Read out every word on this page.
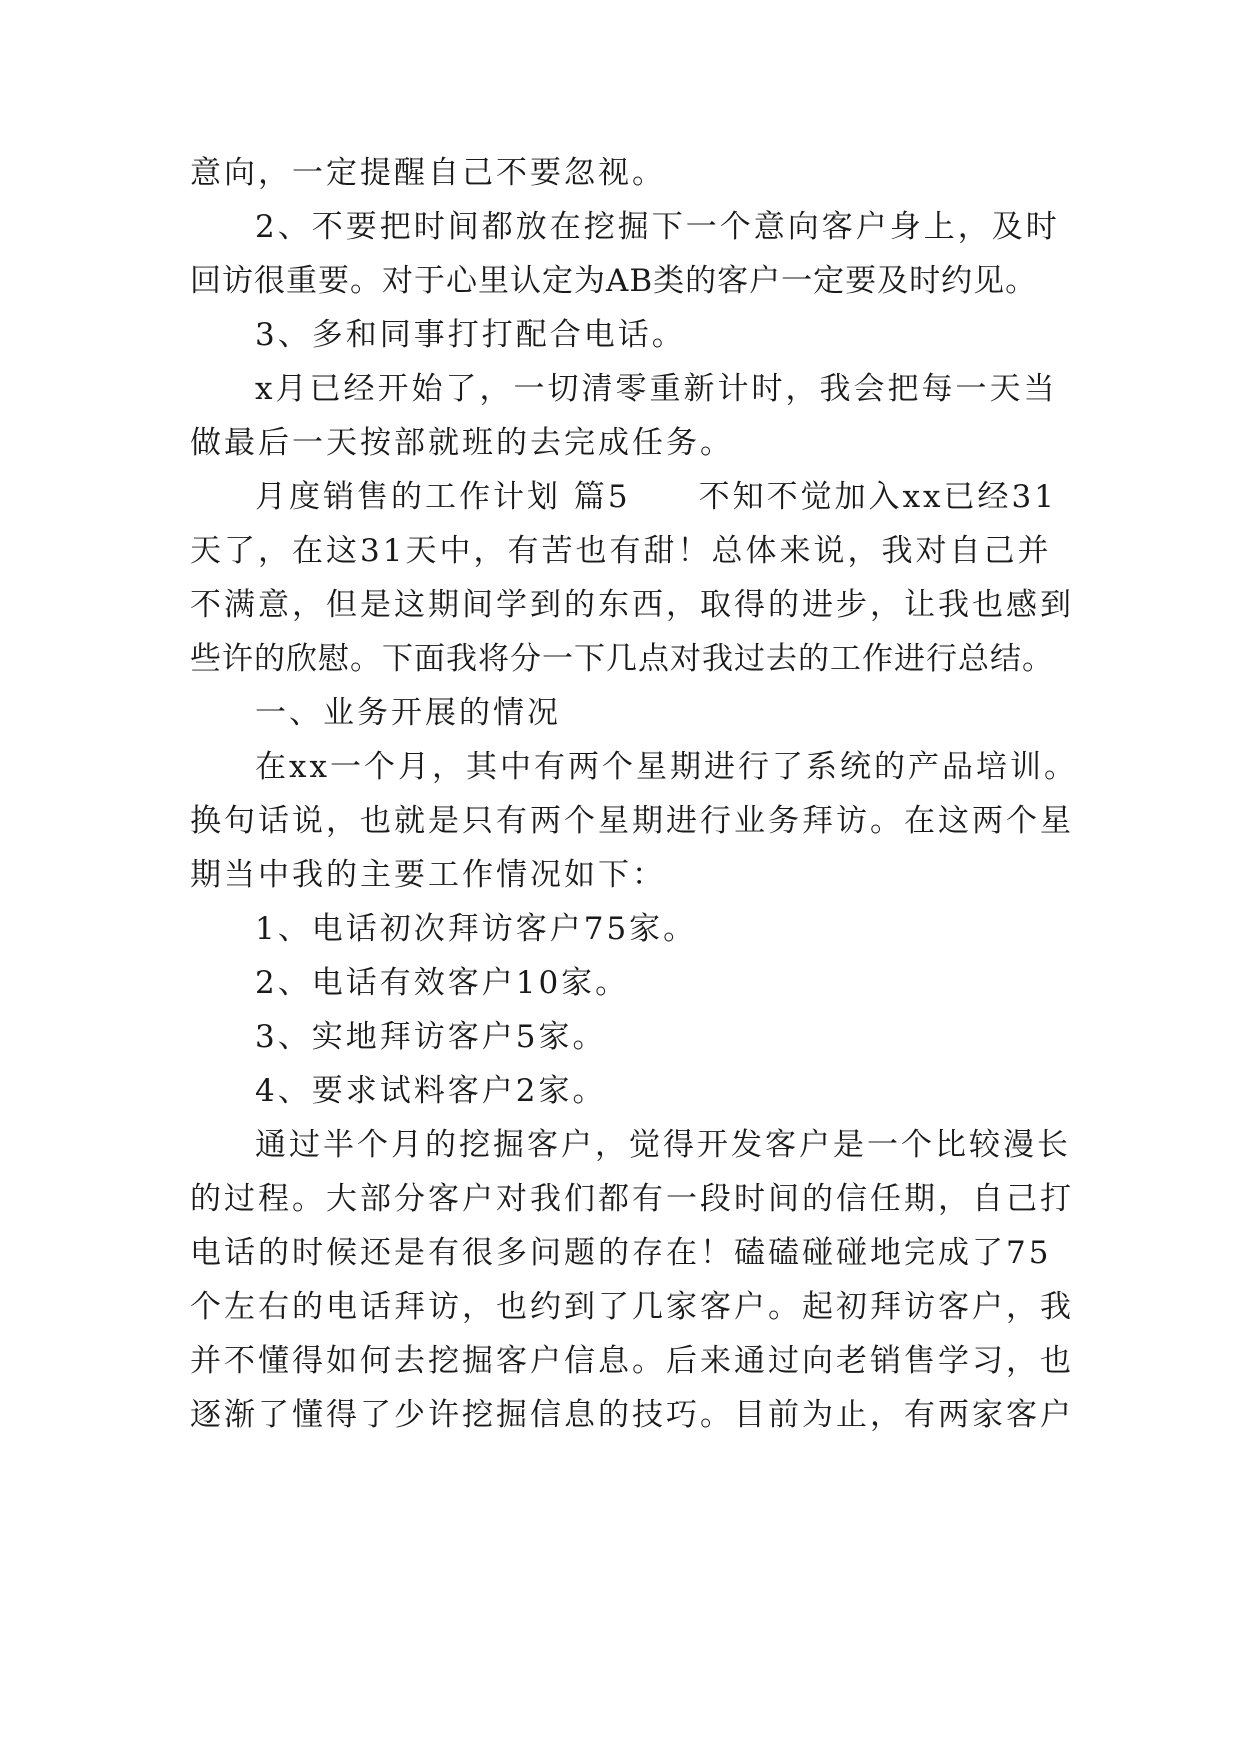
意向，一定提醒自己不要忽视。
2、不要把时间都放在挖掘下一个意向客户身上，及时
回访很重要。对于心里认定为AB类的客户一定要及时约见。
3、多和同事打打配合电话。
x月已经开始了，一切清零重新计时，我会把每一天当
做最后一天按部就班的去完成任务。
月度销售的工作计划 篇5　　不知不觉加入xx已经31
天了，在这31天中，有苦也有甜！总体来说，我对自己并
不满意，但是这期间学到的东西，取得的进步，让我也感到
些许的欣慰。下面我将分一下几点对我过去的工作进行总结。
一、业务开展的情况
在xx一个月，其中有两个星期进行了系统的产品培训。
换句话说，也就是只有两个星期进行业务拜访。在这两个星
期当中我的主要工作情况如下：
1、电话初次拜访客户75家。
2、电话有效客户10家。
3、实地拜访客户5家。
4、要求试料客户2家。
通过半个月的挖掘客户，觉得开发客户是一个比较漫长
的过程。大部分客户对我们都有一段时间的信任期，自己打
电话的时候还是有很多问题的存在！磕磕碰碰地完成了75
个左右的电话拜访，也约到了几家客户。起初拜访客户，我
并不懂得如何去挖掘客户信息。后来通过向老销售学习，也
逐渐了懂得了少许挖掘信息的技巧。目前为止，有两家客户
